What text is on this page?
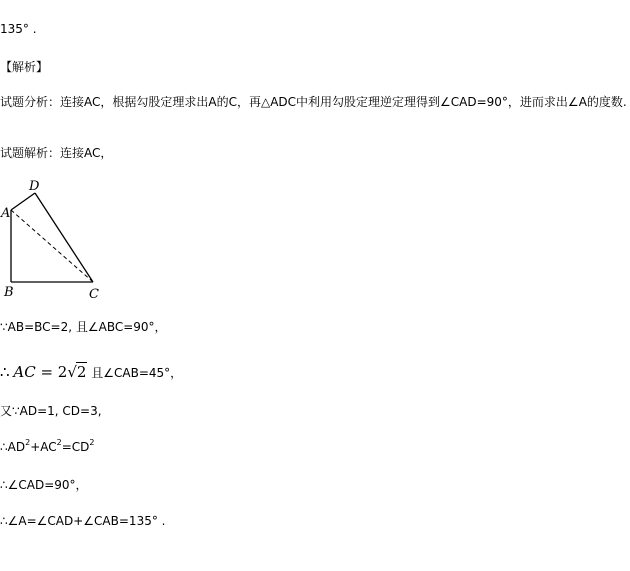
135° .
【解析】
试题分析：连接AC，根据勾股定理求出A的C，再△ADC中利用勾股定理逆定理得到∠CAD=90°，进而求出∠A的度数.
试题解析：连接AC，
A
D
B	C
∵AB=BC=2, 且∠ABC=90°，
∴ AC = 2√2 且∠CAB=45°，
又∵AD=1, CD=3,
$\therefore AD^2+AC^2=CD^2$
∴∠CAD=90°，
∴∠A=∠CAD+∠CAB=135° .
